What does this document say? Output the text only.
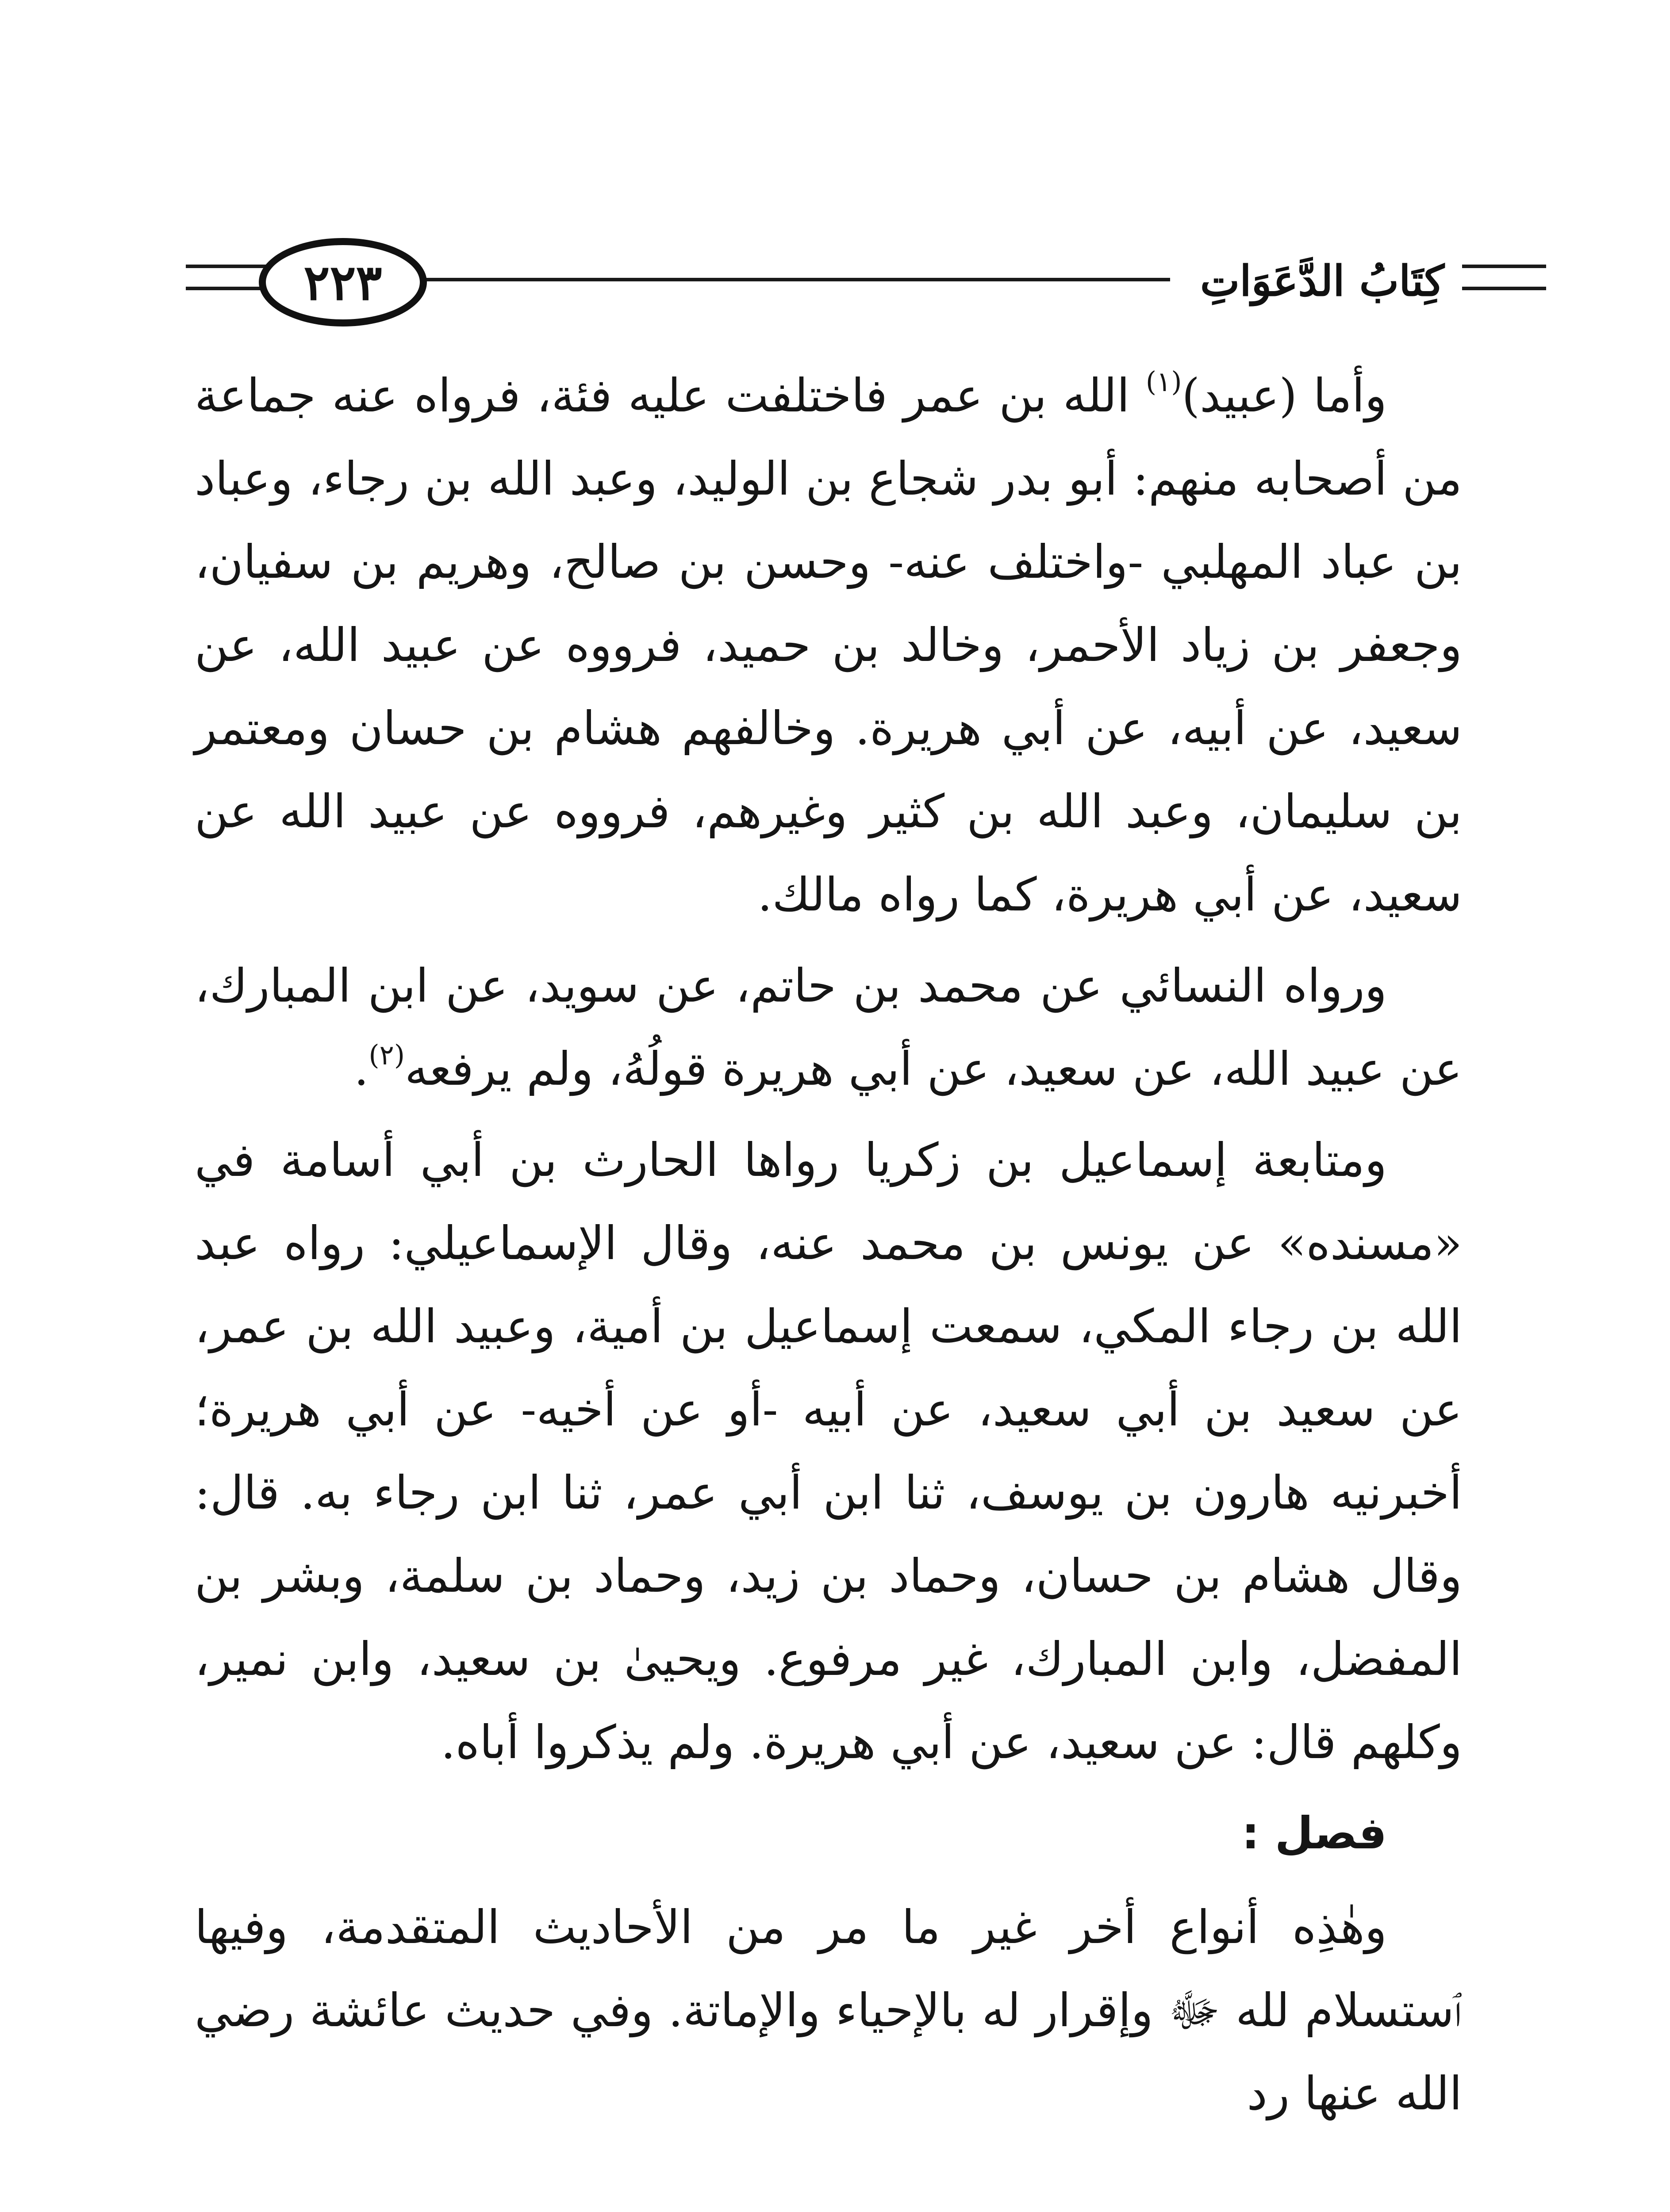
٢٢٣	كِتَابُ الدَّعَوَاتِ

وأما (عبيد)$^{(١)}$ الله بن عمر فاختلفت عليه فئة، فرواه عنه جماعة من أصحابه منهم: أبو بدر شجاع بن الوليد، وعبد الله بن رجاء، وعباد بن عباد المهلبي -واختلف عنه- وحسن بن صالح، وهريم بن سفيان، وجعفر بن زياد الأحمر، وخالد بن حميد، فرووه عن عبيد الله، عن سعيد، عن أبيه، عن أبي هريرة. وخالفهم هشام بن حسان ومعتمر بن سليمان، وعبد الله بن كثير وغيرهم، فرووه عن عبيد الله عن سعيد، عن أبي هريرة، كما رواه مالك.

ورواه النسائي عن محمد بن حاتم، عن سويد، عن ابن المبارك، عن عبيد الله، عن سعيد، عن أبي هريرة قولُهُ، ولم يرفعه$^{(٢)}$.

ومتابعة إسماعيل بن زكريا رواها الحارث بن أبي أسامة في «مسنده» عن يونس بن محمد عنه، وقال الإسماعيلي: رواه عبد الله بن رجاء المكي، سمعت إسماعيل بن أمية، وعبيد الله بن عمر، عن سعيد بن أبي سعيد، عن أبيه -أو عن أخيه- عن أبي هريرة؛ أخبرنيه هارون بن يوسف، ثنا ابن أبي عمر، ثنا ابن رجاء به. قال: وقال هشام بن حسان، وحماد بن زيد، وحماد بن سلمة، وبشر بن المفضل، وابن المبارك، غير مرفوع. ويحيىٰ بن سعيد، وابن نمير، وكلهم قال: عن سعيد، عن أبي هريرة. ولم يذكروا أباه.

فصل :

وهٰذِه أنواع أخر غير ما مر من الأحاديث المتقدمة، وفيها ٱستسلام لله ﷻ وإقرار له بالإحياء والإماتة. وفي حديث عائشة رضي الله عنها رد
